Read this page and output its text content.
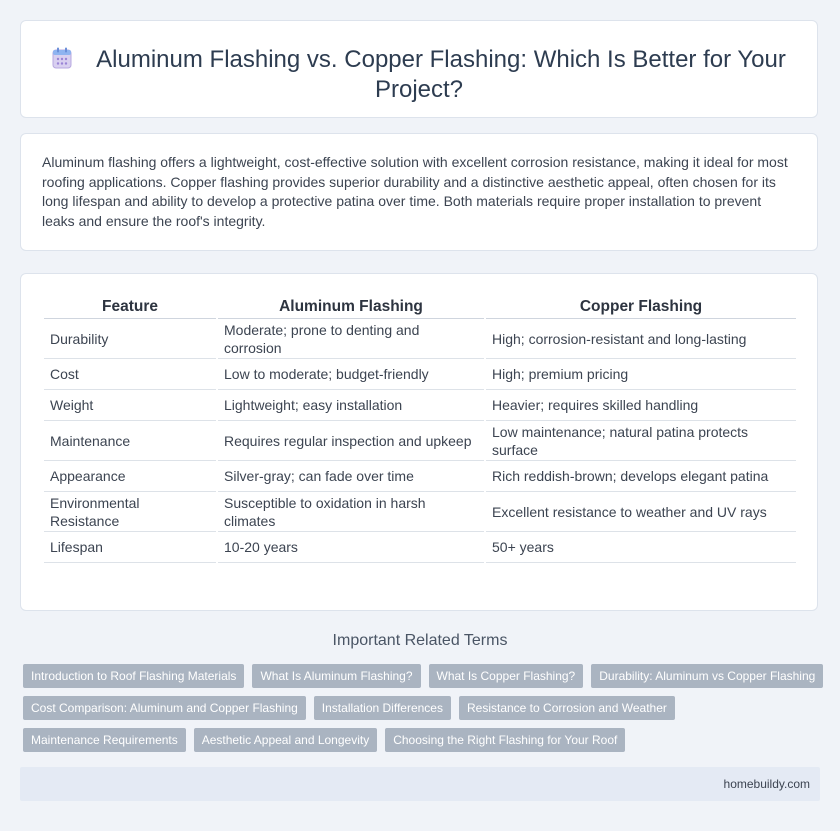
Aluminum Flashing vs. Copper Flashing: Which Is Better for Your Project?
Aluminum flashing offers a lightweight, cost-effective solution with excellent corrosion resistance, making it ideal for most roofing applications. Copper flashing provides superior durability and a distinctive aesthetic appeal, often chosen for its long lifespan and ability to develop a protective patina over time. Both materials require proper installation to prevent leaks and ensure the roof's integrity.
Feature	Aluminum Flashing	Copper Flashing
Durability	Moderate; prone to denting and corrosion	High; corrosion-resistant and long-lasting
Cost	Low to moderate; budget-friendly	High; premium pricing
Weight	Lightweight; easy installation	Heavier; requires skilled handling
Maintenance	Requires regular inspection and upkeep	Low maintenance; natural patina protects surface
Appearance	Silver-gray; can fade over time	Rich reddish-brown; develops elegant patina
Environmental Resistance	Susceptible to oxidation in harsh climates	Excellent resistance to weather and UV rays
Lifespan	10-20 years	50+ years
Important Related Terms
Introduction to Roof Flashing Materials	What Is Aluminum Flashing?	What Is Copper Flashing?	Durability: Aluminum vs Copper Flashing
Cost Comparison: Aluminum and Copper Flashing	Installation Differences	Resistance to Corrosion and Weather
Maintenance Requirements	Aesthetic Appeal and Longevity	Choosing the Right Flashing for Your Roof
homebuildy.com
